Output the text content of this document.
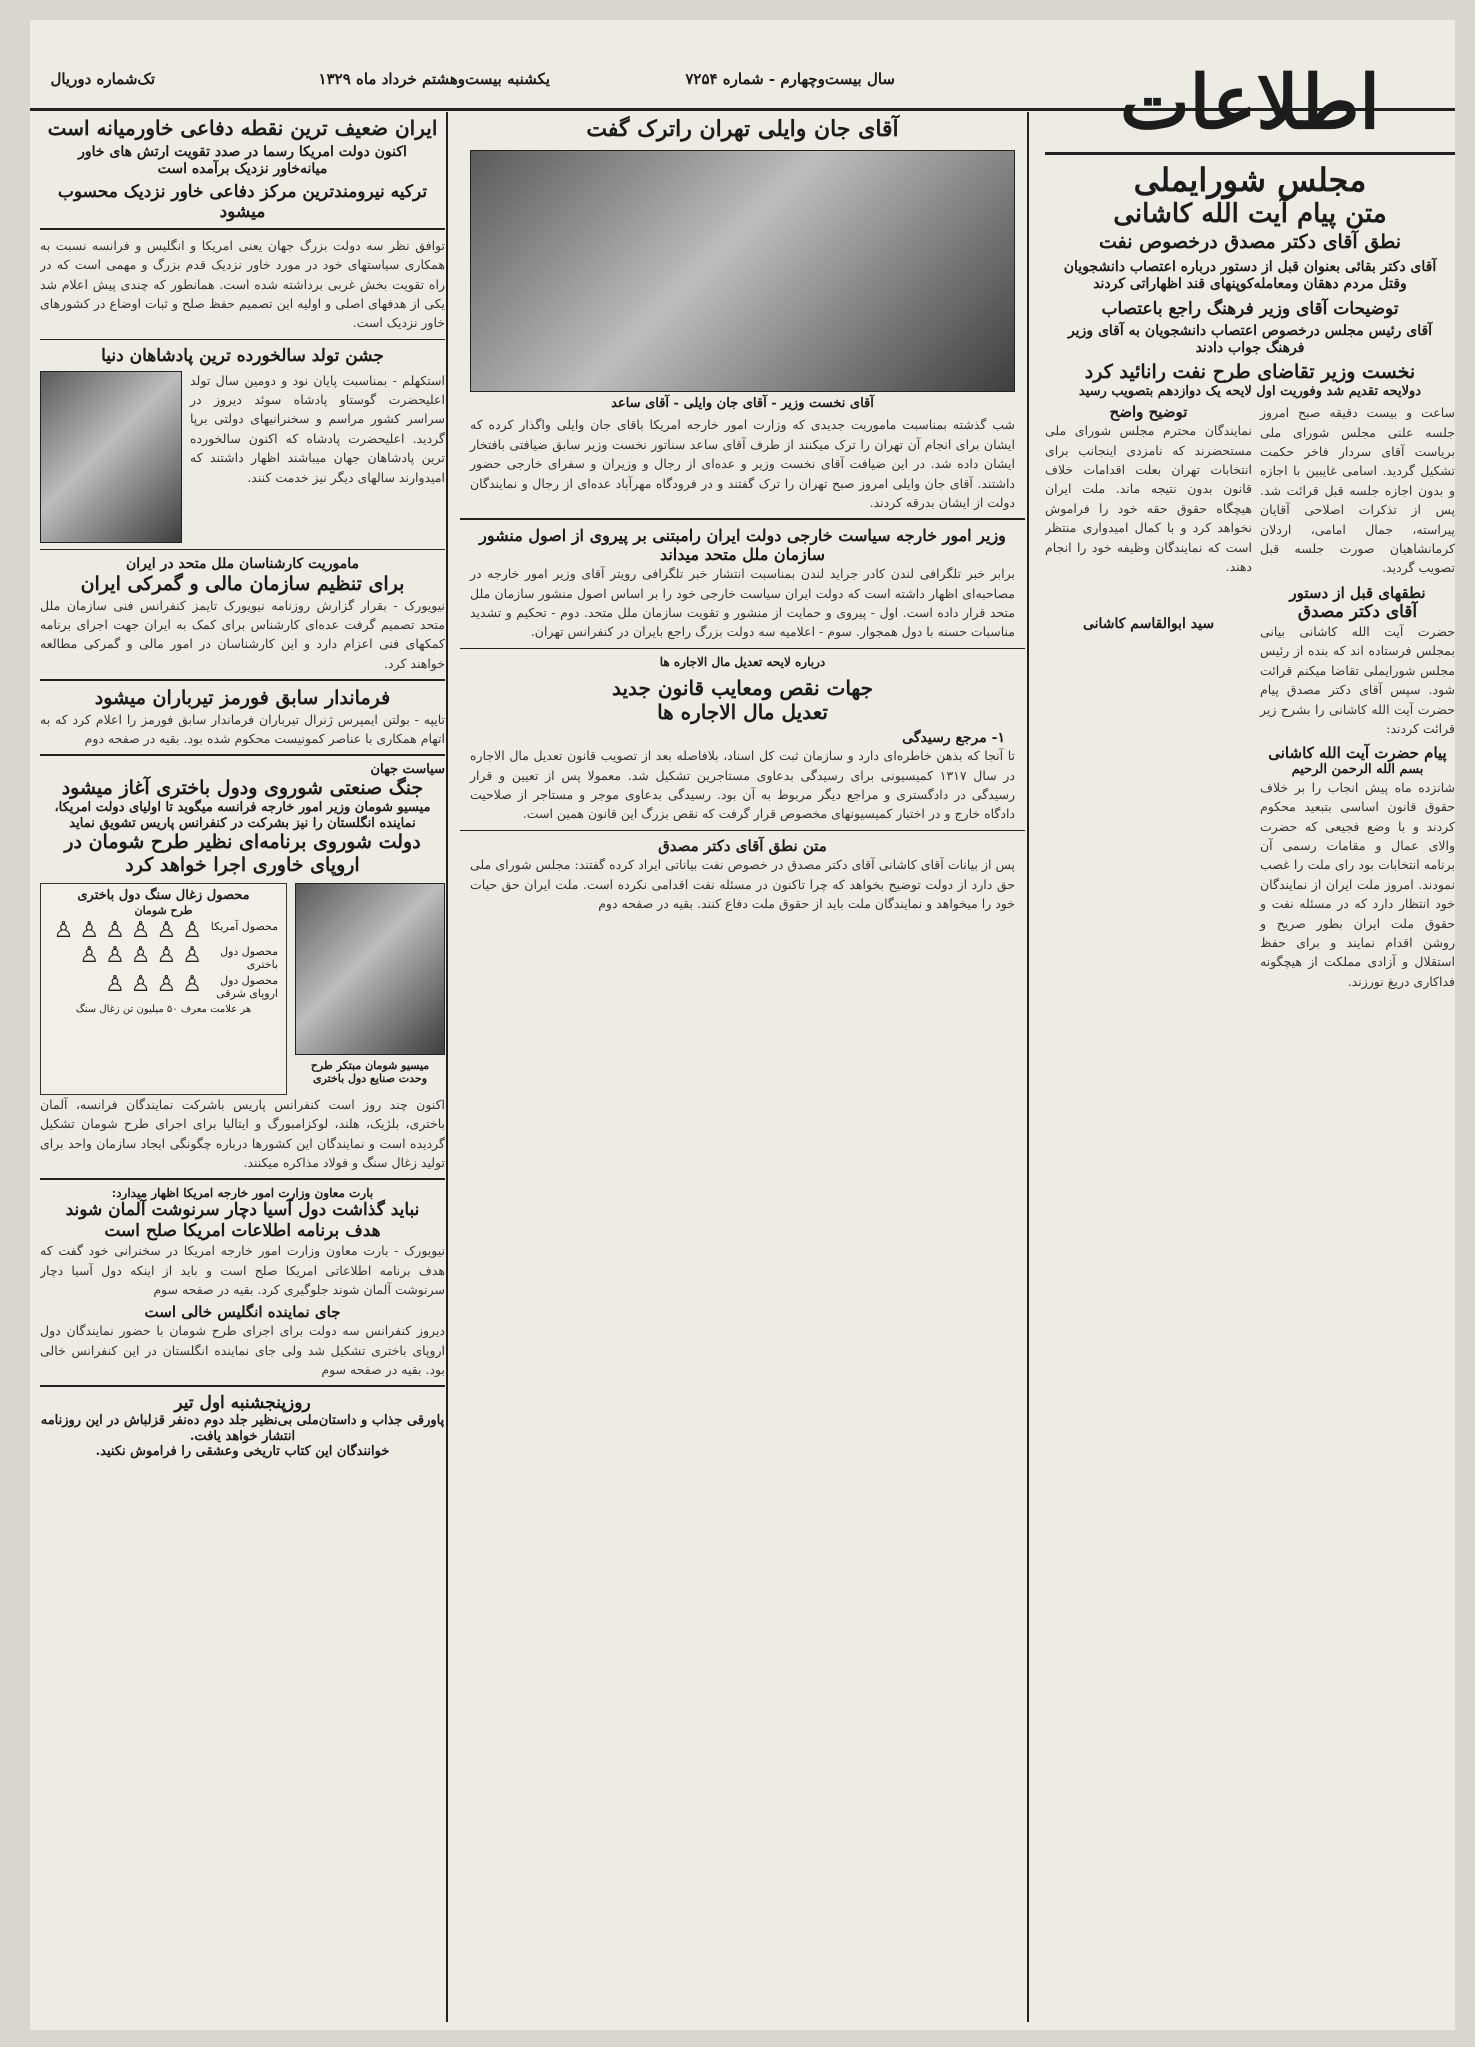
سال بیست‌و‌چهارم - شماره ۷۲۵۴
یکشنبه بیست‌و‌هشتم خرداد ماه ۱۳۲۹
تک‌شماره دوریال	اطلاعات
مجلس شورایملی
متن پیام آیت الله کاشانی
نطق آقای دکتر مصدق درخصوص نفت
آقای دکتر بقائی بعنوان قبل از دستور درباره اعتصاب دانشجویان وقتل مردم دهقان ومعامله‌کوپنهای قند اظهاراتی کردند
توضیحات آقای وزیر فرهنگ راجع باعتصاب
آقای رئیس مجلس درخصوص اعتصاب دانشجویان به آقای وزیر فرهنگ جواب دادند
نخست وزیر تقاضای طرح نفت رانائید کرد
دولایحه تقدیم شد وفوریت اول لایحه یک دوازدهم بتصویب رسید
ساعت و بیست دقیقه صبح امروز جلسه علنی مجلس شورای ملی بریاست آقای سردار فاخر حکمت تشکیل گردید. اسامی غایبین با اجازه و بدون اجازه جلسه قبل قرائت شد. پس از تذکرات اصلاحی آقایان پیراسته، جمال امامی، اردلان کرمانشاهیان صورت جلسه قبل تصویب گردید.
نطقهای قبل از دستور
آقای دکتر مصدق
حضرت آیت الله کاشانی بیانی بمجلس فرستاده اند که بنده از رئیس مجلس شورایملی تقاضا میکنم قرائت شود. سپس آقای دکتر مصدق پیام حضرت آیت الله کاشانی را بشرح زیر قرائت کردند:
پیام حضرت آیت الله کاشانی
بسم الله الرحمن الرحیم
شانزده ماه پیش انجاب را بر خلاف حقوق قانون اساسی بتبعید محکوم کردند و با وضع فجیعی که حضرت والای عمال و مقامات رسمی آن برنامه انتخابات بود رای ملت را غصب نمودند. امروز ملت ایران از نمایندگان خود انتظار دارد که در مسئله نفت و حقوق ملت ایران بطور صریح و روشن اقدام نمایند و برای حفظ استقلال و آزادی مملکت از هیچگونه فداکاری دریغ نورزند.
توضیح واضح
نمایندگان محترم مجلس شورای ملی مستحضرند که نامزدی اینجانب برای انتخابات تهران بعلت اقدامات خلاف قانون بدون نتیجه ماند. ملت ایران هیچگاه حقوق حقه خود را فراموش نخواهد کرد و با کمال امیدواری منتظر است که نمایندگان وظیفه خود را انجام دهند.
سید ابوالقاسم کاشانی
آقای جان وایلی تهران راترک گفت
آقای نخست وزیر - آقای جان وایلی - آقای ساعد
شب گذشته بمناسبت ماموریت جدیدی که وزارت امور خارجه امریکا باقای جان وایلی واگذار کرده که ایشان برای انجام آن تهران را ترک میکنند از طرف آقای ساعد سناتور نخست وزیر سابق ضیافتی بافتخار ایشان داده شد. در این ضیافت آقای نخست وزیر و عده‌ای از رجال و وزیران و سفرای خارجی حضور داشتند. آقای جان وایلی امروز صبح تهران را ترک گفتند و در فرودگاه مهرآباد عده‌ای از رجال و نمایندگان دولت از ایشان بدرقه کردند.
وزیر امور خارجه سیاست خارجی دولت ایران رامبتنی بر پیروی از اصول منشور سازمان ملل متحد میداند
برابر خبر تلگرافی لندن کادر جراید لندن بمناسبت انتشار خبر تلگرافی رویتر آقای وزیر امور خارجه در مصاحبه‌ای اظهار داشته است که دولت ایران سیاست خارجی خود را بر اساس اصول منشور سازمان ملل متحد قرار داده است. اول - پیروی و حمایت از منشور و تقویت سازمان ملل متحد. دوم - تحکیم و تشدید مناسبات حسنه با دول همجوار. سوم - اعلامیه سه دولت بزرگ راجع بایران در کنفرانس تهران.
درباره لایحه تعدیل مال الاجاره ها
جهات نقص ومعایب قانون جدید
تعدیل مال الاجاره ها
۱- مرجع رسیدگی
تا آنجا که بذهن خاطره‌ای دارد و سازمان ثبت کل اسناد، بلافاصله بعد از تصویب قانون تعدیل مال الاجاره در سال ۱۳۱۷ کمیسیونی برای رسیدگی بدعاوی مستاجرین تشکیل شد. معمولا پس از تعیین و قرار رسیدگی در دادگستری و مراجع دیگر مربوط به آن بود. رسیدگی بدعاوی موجر و مستاجر از صلاحیت دادگاه خارج و در اختیار کمیسیونهای مخصوص قرار گرفت که نقص بزرگ این قانون همین است.
متن نطق آقای دکتر مصدق
پس از بیانات آقای کاشانی آقای دکتر مصدق در خصوص نفت بیاناتی ایراد کرده گفتند: مجلس شورای ملی حق دارد از دولت توضیح بخواهد که چرا تاکنون در مسئله نفت اقدامی نکرده است. ملت ایران حق حیات خود را میخواهد و نمایندگان ملت باید از حقوق ملت دفاع کنند. بقیه در صفحه دوم
ایران ضعیف ترین نقطه دفاعی خاورمیانه است
اکنون دولت امریکا رسما در صدد تقویت ارتش های خاور میانه‌خاور نزدیک برآمده است
ترکیه نیرومندترین مرکز دفاعی خاور نزدیک محسوب میشود
توافق نظر سه دولت بزرگ جهان یعنی امریکا و انگلیس و فرانسه نسبت به همکاری سیاستهای خود در مورد خاور نزدیک قدم بزرگ و مهمی است که در راه تقویت بخش غربی برداشته شده است. همانطور که چندی پیش اعلام شد یکی از هدفهای اصلی و اولیه این تصمیم حفظ صلح و ثبات اوضاع در کشورهای خاور نزدیک است.
جشن تولد سالخورده ترین پادشاهان دنیا
استکهلم - بمناسبت پایان نود و دومین سال تولد اعلیحضرت گوستاو پادشاه سوئد دیروز در سراسر کشور مراسم و سخنرانیهای دولتی برپا گردید. اعلیحضرت پادشاه که اکنون سالخورده ترین پادشاهان جهان میباشند اظهار داشتند که امیدوارند سالهای دیگر نیز خدمت کنند.
ماموریت کارشناسان ملل متحد در ایران
برای تنظیم سازمان مالی و گمرکی ایران
نیویورک - بقرار گزارش روزنامه نیویورک تایمز کنفرانس فنی سازمان ملل متحد تصمیم گرفت عده‌ای کارشناس برای کمک به ایران جهت اجرای برنامه کمکهای فنی اعزام دارد و این کارشناسان در امور مالی و گمرکی مطالعه خواهند کرد.
فرماندار سابق فورمز تیرباران میشود
تایپه - بولتن ایمپرس ژنرال تیرباران فرماندار سابق فورمز را اعلام کرد که به اتهام همکاری با عناصر کمونیست محکوم شده بود. بقیه در صفحه دوم
سیاست جهان
جنگ صنعتی شوروی ودول باختری آغاز میشود
میسیو شومان وزیر امور خارجه فرانسه میگوید تا اولیای دولت امریکا، نماینده انگلستان را نیز بشرکت در کنفرانس پاریس تشویق نماید
دولت شوروی برنامه‌ای نظیر طرح شومان در اروپای خاوری اجرا خواهد کرد
میسیو شومان مبتکر طرح وحدت صنایع دول باختری
محصول زغال سنگ دول باختری
طرح شومان
محصول آمریکا
♙
♙
♙
♙
♙
♙
محصول دول باختری
♙
♙
♙
♙
♙
محصول دول اروپای شرقی
♙
♙
♙
♙
هر علامت معرف ۵۰ میلیون تن زغال سنگ
اکنون چند روز است کنفرانس پاریس باشرکت نمایندگان فرانسه، آلمان باختری، بلژیک، هلند، لوکزامبورگ و ایتالیا برای اجرای طرح شومان تشکیل گردیده است و نمایندگان این کشورها درباره چگونگی ایجاد سازمان واحد برای تولید زغال سنگ و فولاد مذاکره میکنند.
بارت معاون وزارت امور خارجه امریکا اظهار میدارد:
نباید گذاشت دول آسیا دچار سرنوشت آلمان شوند
هدف برنامه اطلاعات امریکا صلح است
نیویورک - بارت معاون وزارت امور خارجه امریکا در سخنرانی خود گفت که هدف برنامه اطلاعاتی امریکا صلح است و باید از اینکه دول آسیا دچار سرنوشت آلمان شوند جلوگیری کرد. بقیه در صفحه سوم
جای نماینده انگلیس خالی است
دیروز کنفرانس سه دولت برای اجرای طرح شومان با حضور نمایندگان دول اروپای باختری تشکیل شد ولی جای نماینده انگلستان در این کنفرانس خالی بود. بقیه در صفحه سوم
روزپنجشنبه اول تیر
پاورقی جذاب و داستان‌ملی بی‌نظیر جلد دوم ده‌نفر قزلباش در این روزنامه انتشار خواهد یافت.
خوانندگان این کتاب تاریخی وعشقی را فراموش نکنید.
